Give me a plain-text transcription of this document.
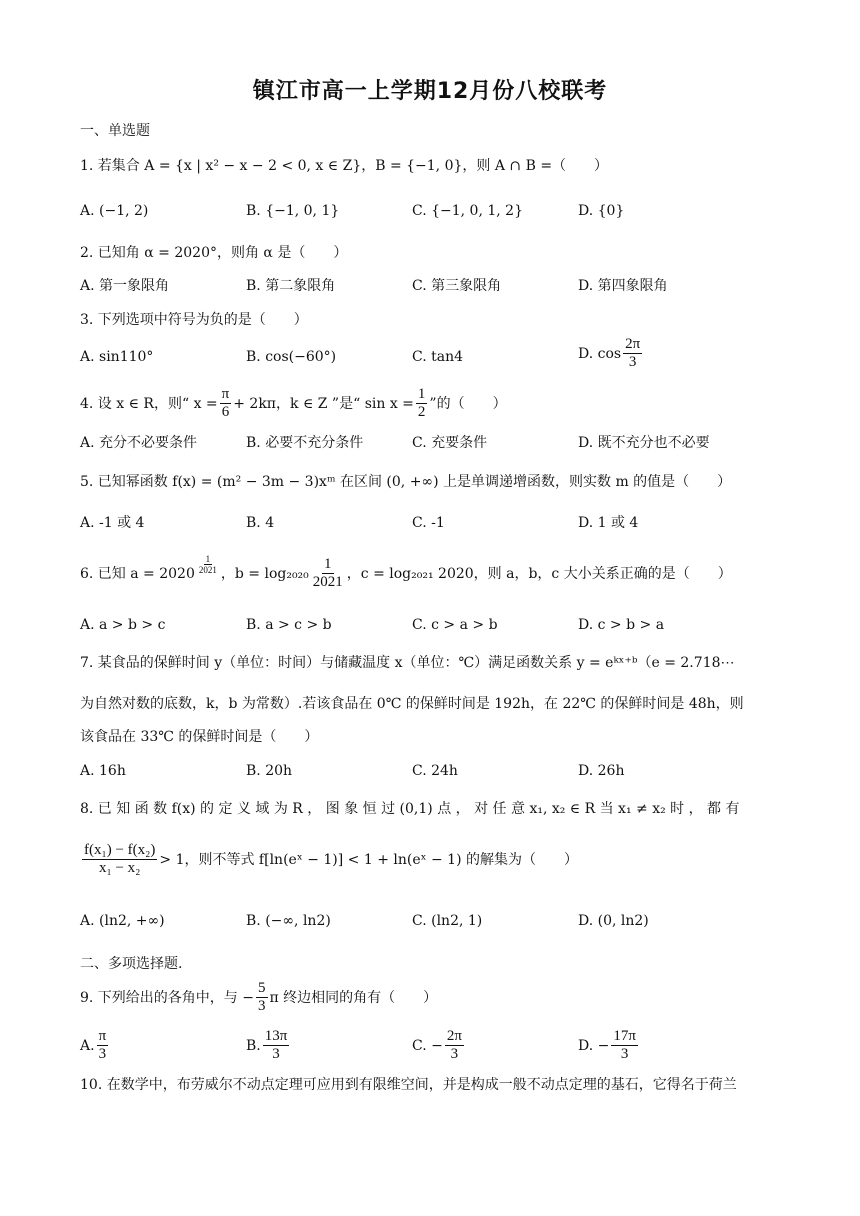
镇江市高一上学期12月份八校联考
一、单选题
1. 若集合 A = {x | x² − x − 2 < 0, x ∈ Z}，B = {−1, 0}，则 A ∩ B =（　　）
A. (−1, 2)	B. {−1, 0, 1}	C. {−1, 0, 1, 2}	D. {0}
2. 已知角 α = 2020°，则角 α 是（　　）
A. 第一象限角	B. 第二象限角	C. 第三象限角	D. 第四象限角
3. 下列选项中符号为负的是（　　）
A. sin110°	B. cos(−60°)	C. tan4	D. $\cos \frac{2\pi}{3}$
4. 设 x ∈ R，则“ $x = \frac{\pi}{6} + 2k\pi$，k ∈ Z ”是“ $\sin x = \frac{1}{2}$ ”的（　　）
A. 充分不必要条件	B. 必要不充分条件	C. 充要条件	D. 既不充分也不必要
5. 已知幂函数 f(x) = (m² − 3m − 3)xᵐ 在区间 (0, +∞) 上是单调递增函数，则实数 m 的值是（　　）
A. -1 或 4	B. 4	C. -1	D. 1 或 4
6. 已知 $a = 2020 \frac{1}{2021}$ ，$b = \log_{2020} \frac{1}{2021}$ ，c = log₂₀₂₁ 2020，则 a，b，c 大小关系正确的是（　　）
A. a > b > c	B. a > c > b	C. c > a > b	D. c > b > a
7. 某食品的保鲜时间 y（单位：时间）与储藏温度 x（单位：℃）满足函数关系 y = eᵏˣ⁺ᵇ（e = 2.718⋯
为自然对数的底数，k，b 为常数）.若该食品在 0℃ 的保鲜时间是 192h，在 22℃ 的保鲜时间是 48h，则
该食品在 33℃ 的保鲜时间是（　　）
A. 16h	B. 20h	C. 24h	D. 26h
8. 已 知 函 数 f(x) 的 定 义 域 为 R ， 图 象 恒 过 (0,1) 点 ， 对 任 意 x₁, x₂ ∈ R 当 x₁ ≠ x₂ 时 ， 都 有
$\frac{\text{f(x₁) − f(x₂)}}{\text{x₁ − x₂}} > 1$，则不等式 f[ln(eˣ − 1)] < 1 + ln(eˣ − 1) 的解集为（　　）
A. (ln2, +∞)	B. (−∞, ln2)	C. (ln2, 1)	D. (0, ln2)
二、多项选择题.
9. 下列给出的各角中，与 − $\frac{5}{3}$ π 终边相同的角有（　　）
A. $\frac{\pi}{3}$	B. $\frac{13\pi}{3}$	C. − $\frac{2\pi}{3}$	D. − $\frac{17\pi}{3}$
10. 在数学中，布劳威尔不动点定理可应用到有限维空间，并是构成一般不动点定理的基石，它得名于荷兰
